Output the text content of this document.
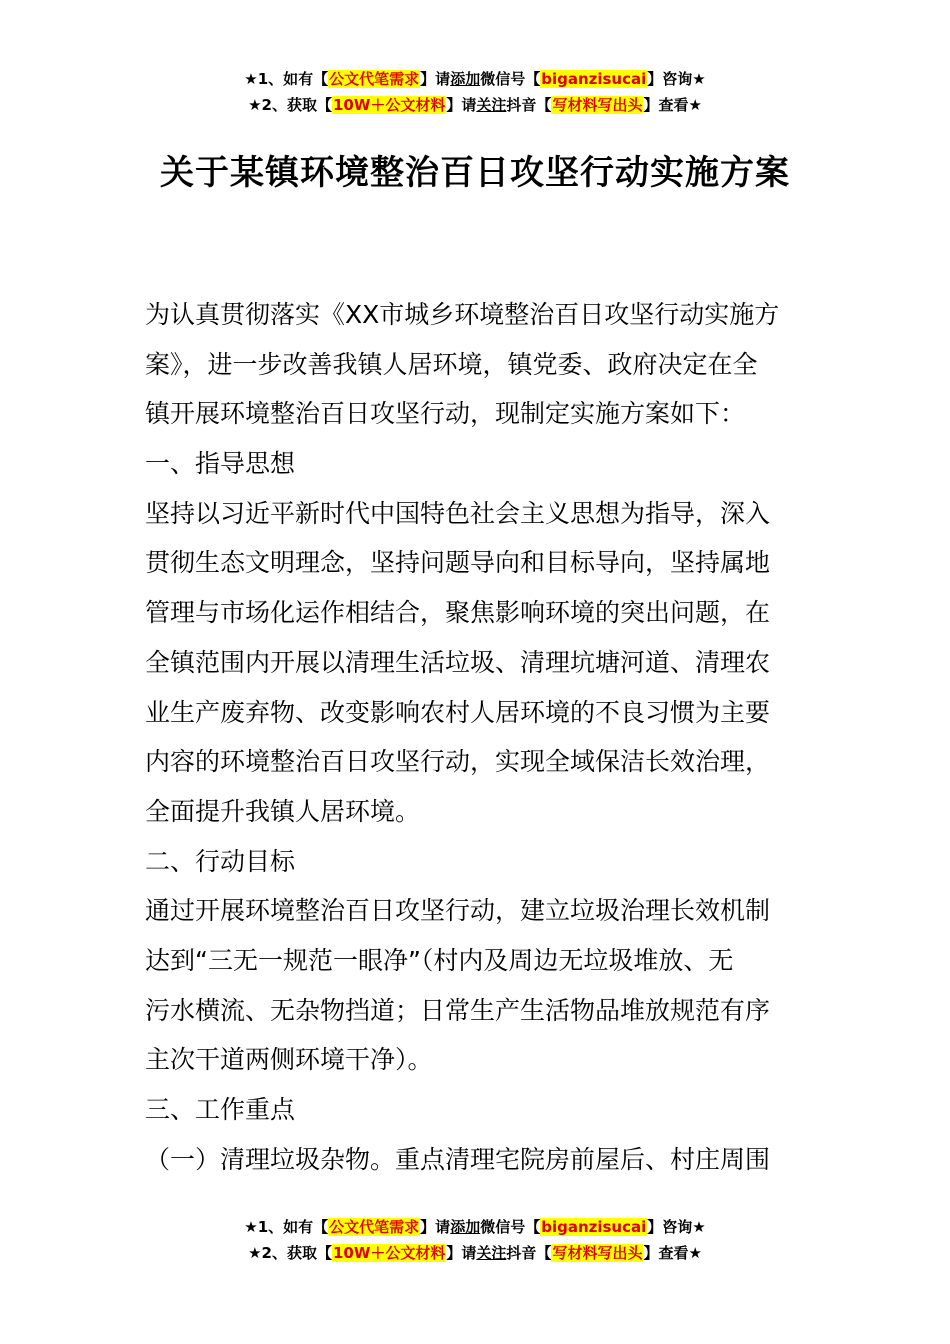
★1、如有【公文代笔需求】请添加微信号【biganzisucai】咨询★
★2、获取【10W＋公文材料】请关注抖音【写材料写出头】查看★
关于某镇环境整治百日攻坚行动实施方案
为认真贯彻落实《XX市城乡环境整治百日攻坚行动实施方
案》，进一步改善我镇人居环境，镇党委、政府决定在全
镇开展环境整治百日攻坚行动，现制定实施方案如下：
一、指导思想
坚持以习近平新时代中国特色社会主义思想为指导，深入
贯彻生态文明理念，坚持问题导向和目标导向，坚持属地
管理与市场化运作相结合，聚焦影响环境的突出问题，在
全镇范围内开展以清理生活垃圾、清理坑塘河道、清理农
业生产废弃物、改变影响农村人居环境的不良习惯为主要
内容的环境整治百日攻坚行动，实现全域保洁长效治理，
全面提升我镇人居环境。
二、行动目标
通过开展环境整治百日攻坚行动，建立垃圾治理长效机制
达到“三无一规范一眼净”（村内及周边无垃圾堆放、无
污水横流、无杂物挡道；日常生产生活物品堆放规范有序
主次干道两侧环境干净）。
三、工作重点
（一）清理垃圾杂物。重点清理宅院房前屋后、村庄周围
★1、如有【公文代笔需求】请添加微信号【biganzisucai】咨询★
★2、获取【10W＋公文材料】请关注抖音【写材料写出头】查看★
